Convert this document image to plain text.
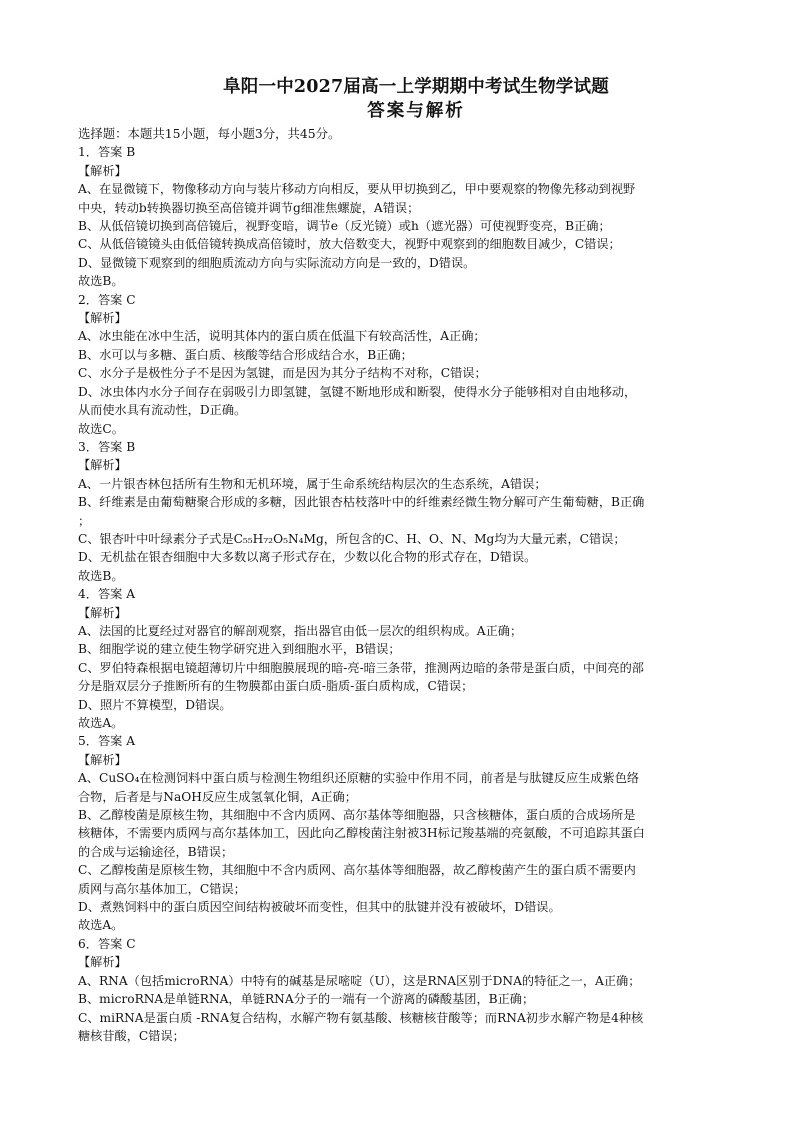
阜阳一中2027届高一上学期期中考试生物学试题
答案与解析
选择题：本题共15小题，每小题3分，共45分。
1．答案 B
【解析】
A、在显微镜下，物像移动方向与装片移动方向相反，要从甲切换到乙，甲中要观察的物像先移动到视野
中央，转动b转换器切换至高倍镜并调节g细准焦螺旋，A错误；
B、从低倍镜切换到高倍镜后，视野变暗，调节e（反光镜）或h（遮光器）可使视野变亮，B正确；
C、从低倍镜镜头由低倍镜转换成高倍镜时，放大倍数变大，视野中观察到的细胞数目减少，C错误；
D、显微镜下观察到的细胞质流动方向与实际流动方向是一致的，D错误。
故选B。
2．答案 C
【解析】
A、冰虫能在冰中生活，说明其体内的蛋白质在低温下有较高活性，A正确；
B、水可以与多糖、蛋白质、核酸等结合形成结合水，B正确；
C、水分子是极性分子不是因为氢键，而是因为其分子结构不对称，C错误；
D、冰虫体内水分子间存在弱吸引力即氢键，氢键不断地形成和断裂，使得水分子能够相对自由地移动，
从而使水具有流动性，D正确。
故选C。
3．答案 B
【解析】
A、一片银杏林包括所有生物和无机环境，属于生命系统结构层次的生态系统，A错误；
B、纤维素是由葡萄糖聚合形成的多糖，因此银杏枯枝落叶中的纤维素经微生物分解可产生葡萄糖，B正确
；
C、银杏叶中叶绿素分子式是C₅₅H₇₂O₅N₄Mg，所包含的C、H、O、N、Mg均为大量元素，C错误；
D、无机盐在银杏细胞中大多数以离子形式存在，少数以化合物的形式存在，D错误。
故选B。
4．答案 A
【解析】
A、法国的比夏经过对器官的解剖观察，指出器官由低一层次的组织构成。A正确；
B、细胞学说的建立使生物学研究进入到细胞水平，B错误；
C、罗伯特森根据电镜超薄切片中细胞膜展现的暗-亮-暗三条带，推测两边暗的条带是蛋白质，中间亮的部
分是脂双层分子推断所有的生物膜都由蛋白质-脂质-蛋白质构成，C错误；
D、照片不算模型，D错误。
故选A。
5．答案 A
【解析】
A、CuSO₄在检测饲料中蛋白质与检测生物组织还原糖的实验中作用不同，前者是与肽键反应生成紫色络
合物，后者是与NaOH反应生成氢氧化铜，A正确；
B、乙醇梭菌是原核生物，其细胞中不含内质网、高尔基体等细胞器，只含核糖体，蛋白质的合成场所是
核糖体，不需要内质网与高尔基体加工，因此向乙醇梭菌注射被3H标记羧基端的亮氨酸，不可追踪其蛋白
的合成与运输途径，B错误；
C、乙醇梭菌是原核生物，其细胞中不含内质网、高尔基体等细胞器，故乙醇梭菌产生的蛋白质不需要内
质网与高尔基体加工，C错误；
D、煮熟饲料中的蛋白质因空间结构被破坏而变性，但其中的肽键并没有被破坏，D错误。
故选A。
6．答案 C
【解析】
A、RNA（包括microRNA）中特有的碱基是尿嘧啶（U），这是RNA区别于DNA的特征之一，A正确；
B、microRNA是单链RNA，单链RNA分子的一端有一个游离的磷酸基团，B正确；
C、miRNA是蛋白质 -RNA复合结构，水解产物有氨基酸、核糖核苷酸等；而RNA初步水解产物是4种核
糖核苷酸，C错误；
